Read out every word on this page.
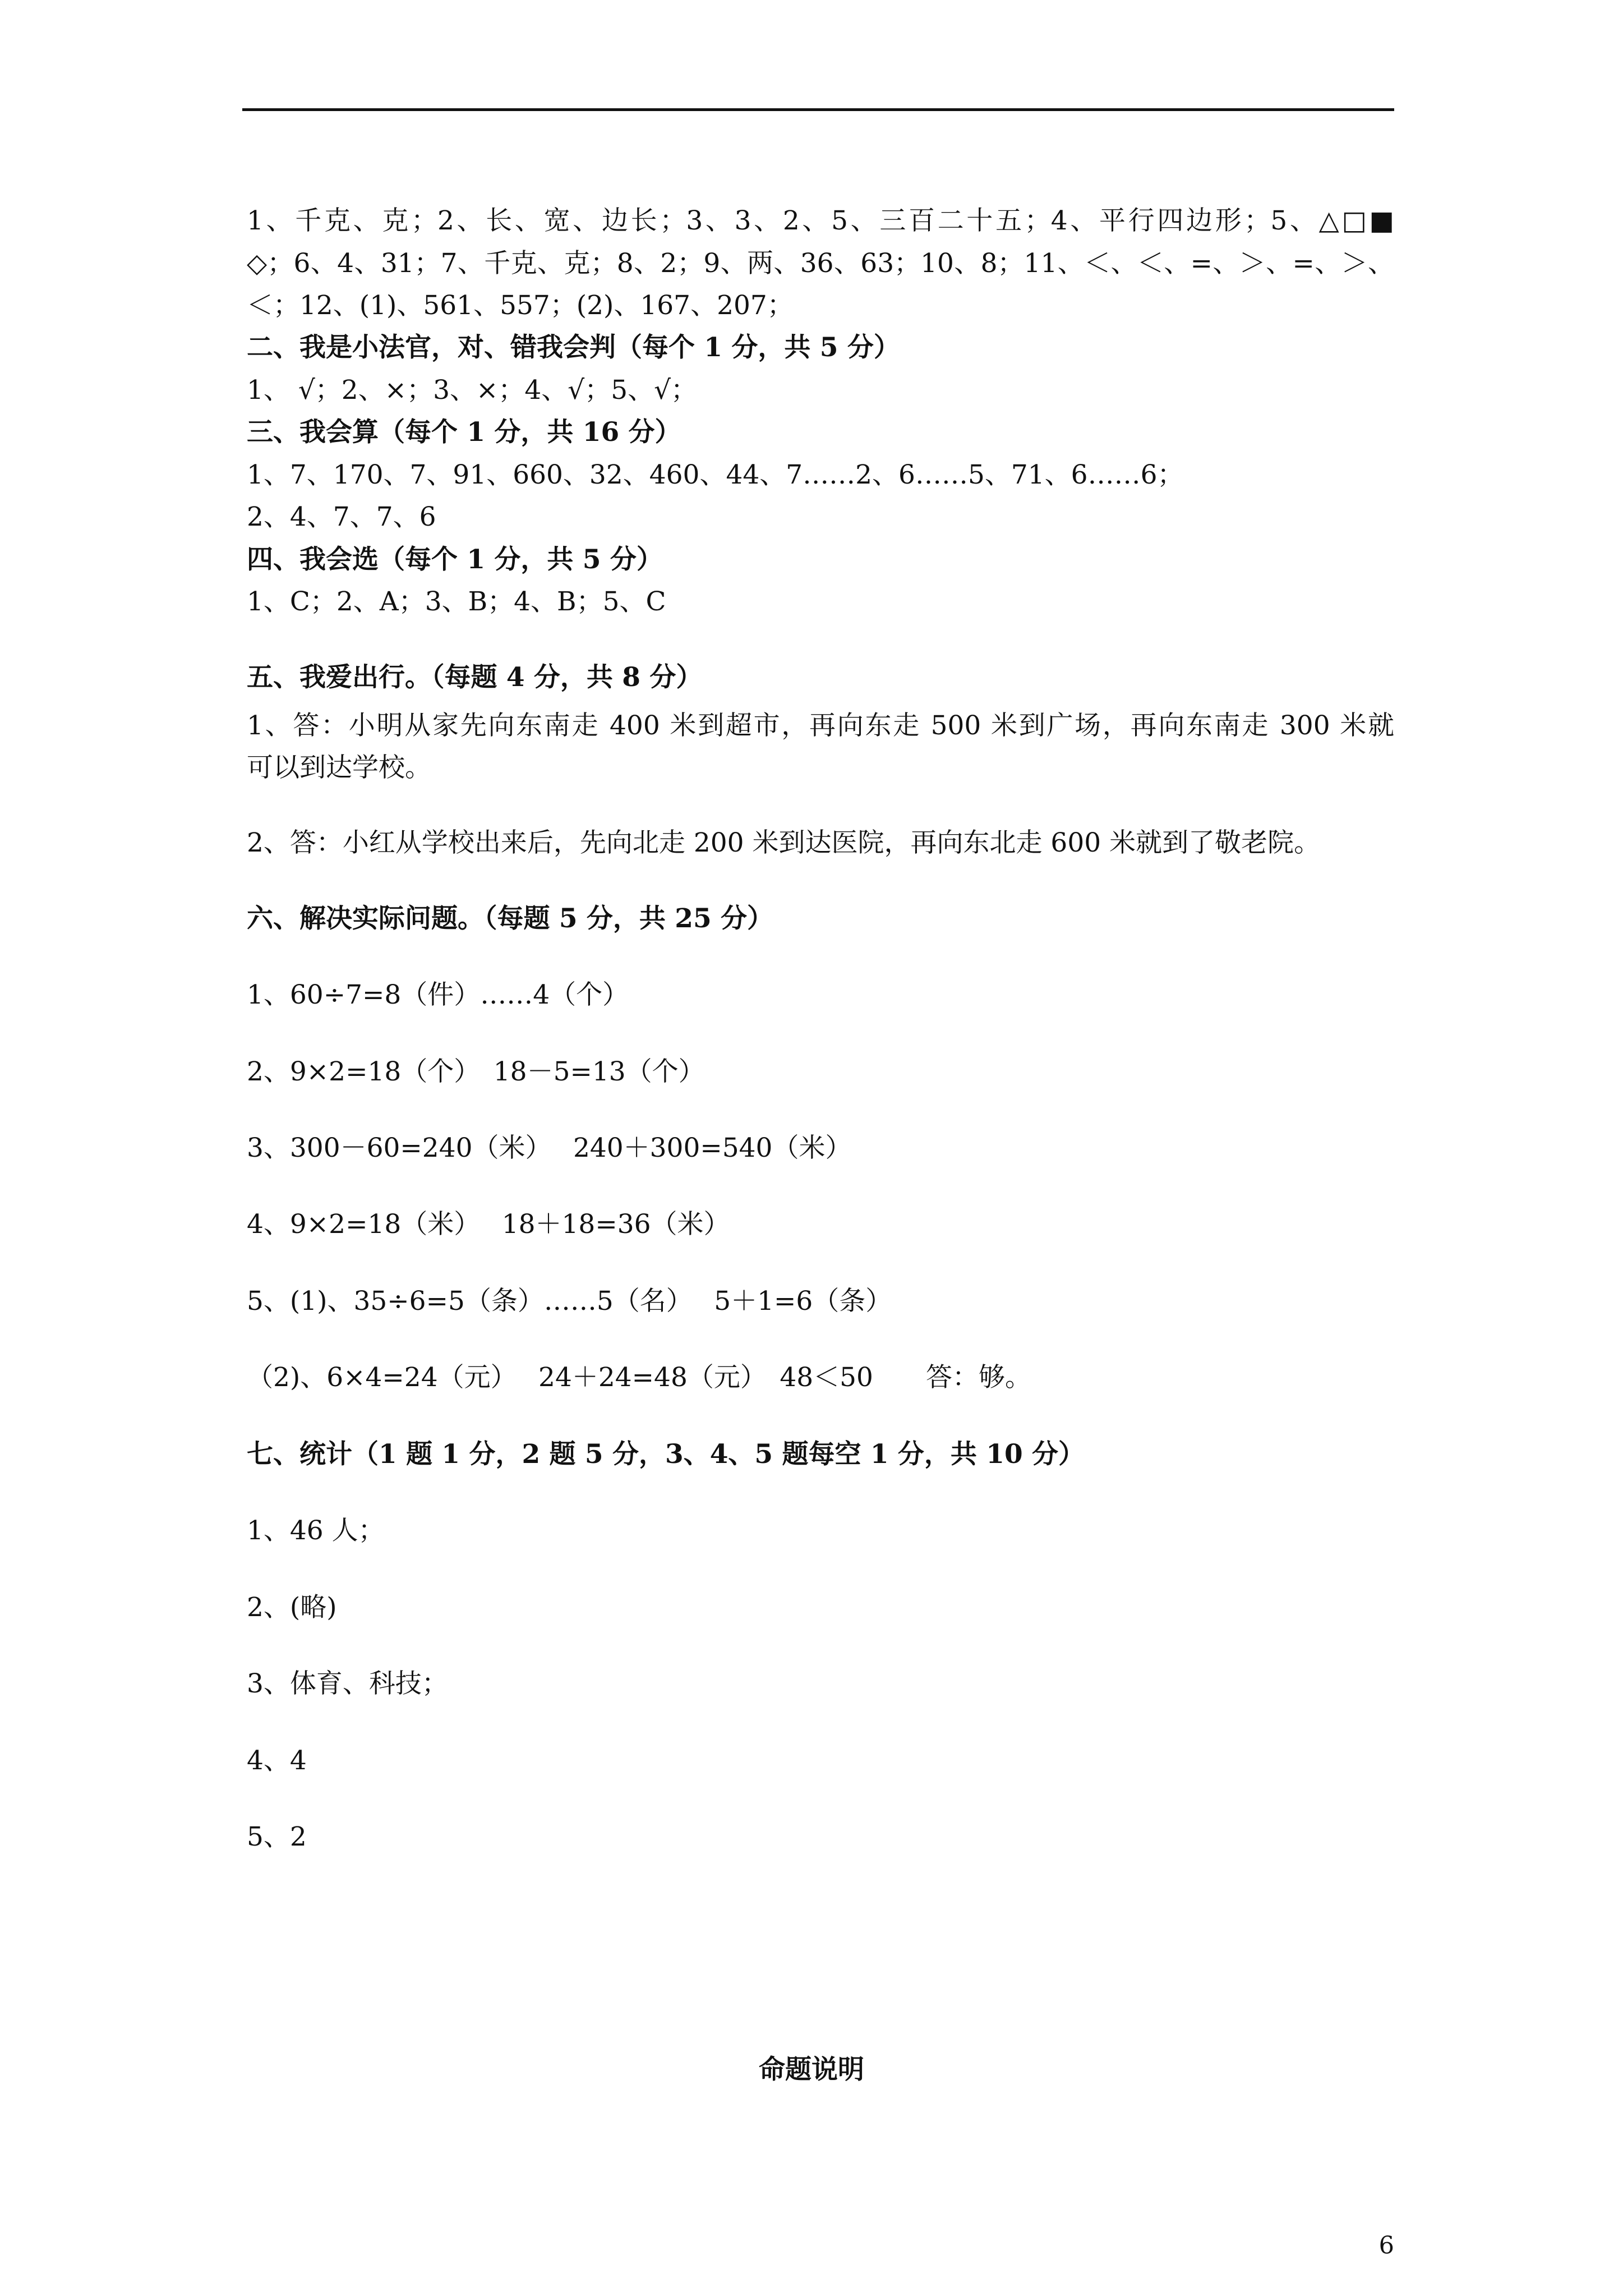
1、千克、克；2、长、宽、边长；3、3、2、5、三百二十五；4、平行四边形；5、△□■
◇；6、4、31；7、千克、克；8、2；9、两、36、63；10、8；11、＜、＜、=、＞、=、＞、
＜；12、(1)、561、557；(2)、167、207；
二、我是小法官，对、错我会判（每个 1 分，共 5 分）
1、 √；2、×；3、×；4、√；5、√；
三、我会算（每个 1 分，共 16 分）
1、7、170、7、91、660、32、460、44、7……2、6……5、71、6……6；
2、4、7、7、6
四、我会选（每个 1 分，共 5 分）
1、C；2、A；3、B；4、B；5、C
五、我爱出行。（每题 4 分，共 8 分）
1、答：小明从家先向东南走 400 米到超市，再向东走 500 米到广场，再向东南走 300 米就
可以到达学校。
2、答：小红从学校出来后，先向北走 200 米到达医院，再向东北走 600 米就到了敬老院。
六、解决实际问题。（每题 5 分，共 25 分）
1、60÷7=8（件）……4（个）
2、9×2=18（个）　18－5=13（个）
3、300－60=240（米）　 240＋300=540（米）
4、9×2=18（米）　 18＋18=36（米）
5、(1)、35÷6=5（条）……5（名）　 5＋1=6（条）
（2)、6×4=24（元）　 24＋24=48（元）　48＜50　　答：够。
七、统计（1 题 1 分，2 题 5 分，3、4、5 题每空 1 分，共 10 分）
1、46 人；
2、(略)
3、体育、科技；
4、4
5、2
命题说明
6
